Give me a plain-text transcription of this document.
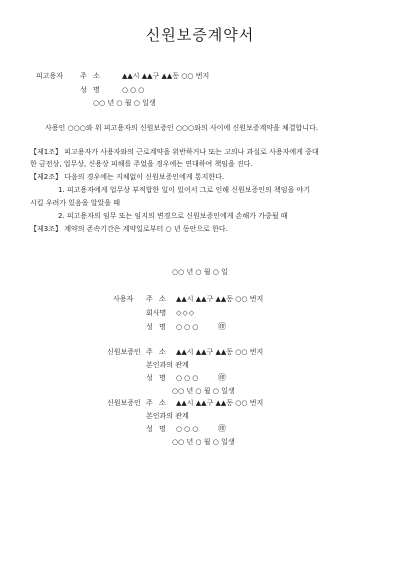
신원보증계약서
피고용자 주 소	▲▲시 ▲▲구 ▲▲동 ○○ 번지
성 명	○○○
○○ 년 ○ 월 ○ 일생
사용인 ○○○와 위 피고용자의 신원보증인 ○○○와의 사이에 신원보증계약을 체결합니다.
【제1조】 피고용자가 사용자와의 근로계약을 위반하거나 또는 고의나 과실로 사용자에게 중대
한 금전상, 업무상, 신용상 피해를 주었을 경우에는 연대하여 책임을 진다.
【제2조】 다음의 경우에는 지체없이 신원보증인에게 통지한다.
1. 피고용자에게 업무상 부적합한 일이 있어서 그로 인해 신원보증인의 책임을 야기
시킬 우려가 있음을 알았을 때
2. 피고용자의 임무 또는 임지의 변경으로 신원보증인에게 손해가 가중될 때
【제3조】 계약의 존속기간은 계약일로부터 ○ 년 동안으로 한다.
○○ 년 ○ 월 ○ 일
사용자 주 소 ▲▲시 ▲▲구 ▲▲동 ○○ 번지
회사명 ◇◇◇
성 명 ○○○ ㊞
신원보증인 주 소 ▲▲시 ▲▲구 ▲▲동 ○○ 번지
본인과의 관계
성 명 ○○○ ㊞
○○ 년 ○ 월 ○ 일생
신원보증인 주 소 ▲▲시 ▲▲구 ▲▲동 ○○ 번지
본인과의 관계
성 명 ○○○ ㊞
○○ 년 ○ 월 ○ 일생
